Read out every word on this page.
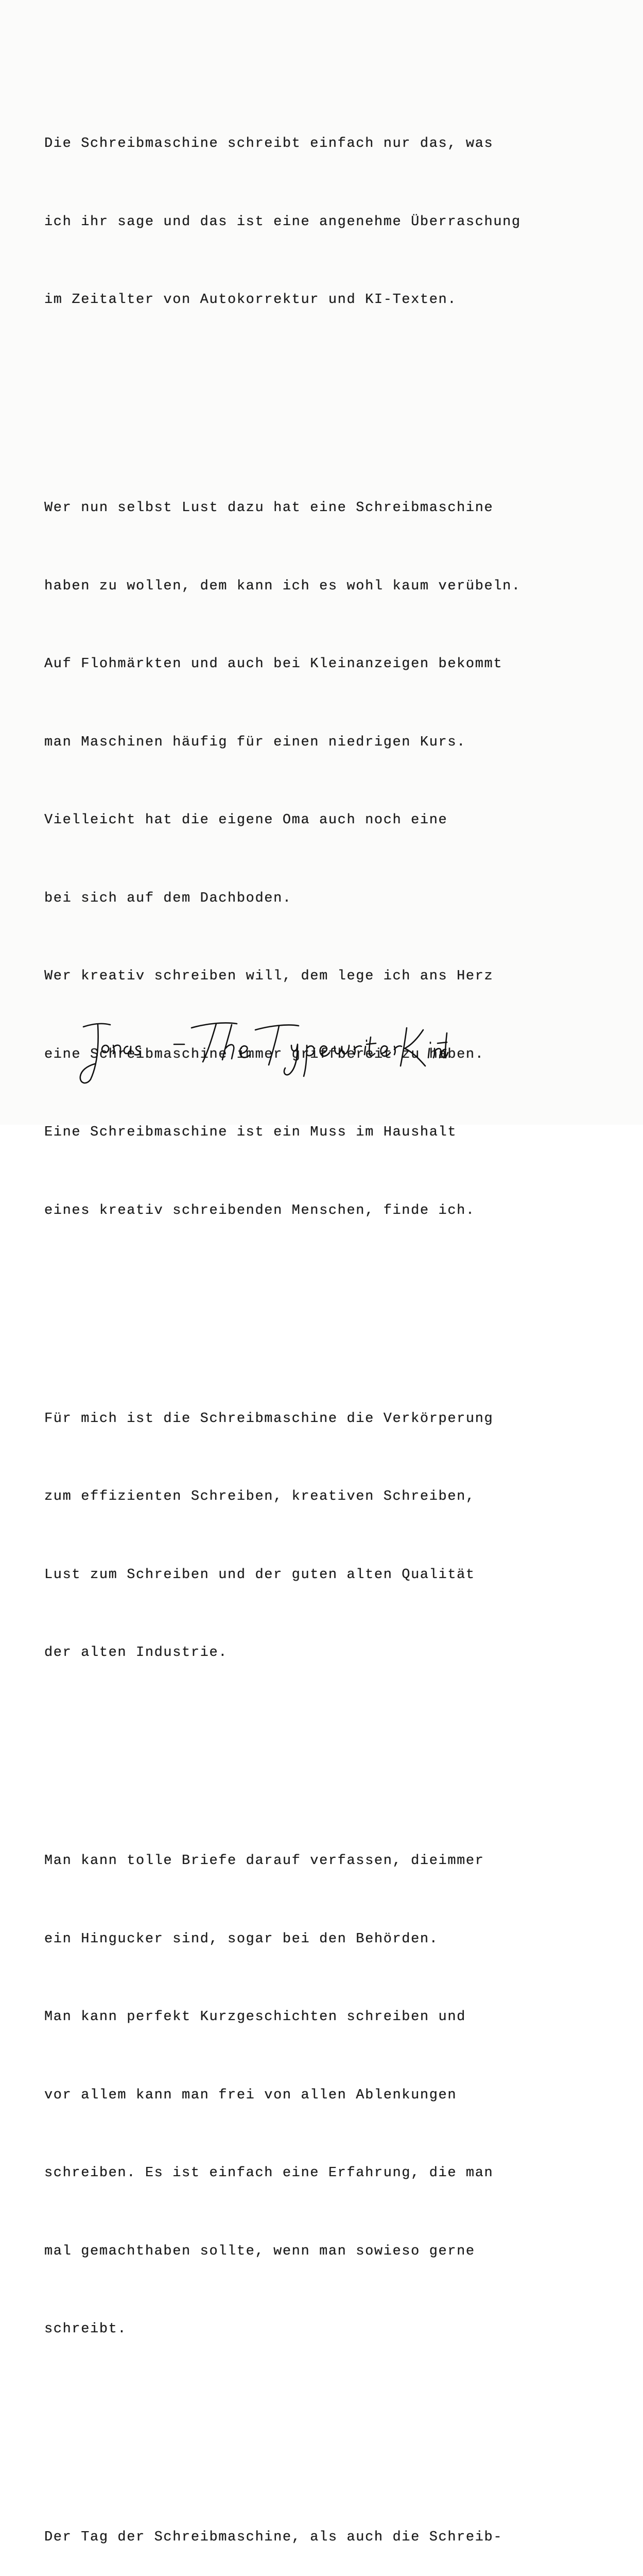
Die Schreibmaschine schreibt einfach nur das, was

ich ihr sage und das ist eine angenehme Überraschung

im Zeitalter von Autokorrektur und KI-Texten.

Wer nun selbst Lust dazu hat eine Schreibmaschine

haben zu wollen, dem kann ich es wohl kaum verübeln.

Auf Flohmärkten und auch bei Kleinanzeigen bekommt

man Maschinen häufig für einen niedrigen Kurs.

Vielleicht hat die eigene Oma auch noch eine

bei sich auf dem Dachboden.

Wer kreativ schreiben will, dem lege ich ans Herz

eine Schreibmaschine immer griffbereit zu haben.

Eine Schreibmaschine ist ein Muss im Haushalt

eines kreativ schreibenden Menschen, finde ich.

Für mich ist die Schreibmaschine die Verkörperung

zum effizienten Schreiben, kreativen Schreiben,

Lust zum Schreiben und der guten alten Qualität

der alten Industrie.

Man kann tolle Briefe darauf verfassen, dieimmer

ein Hingucker sind, sogar bei den Behörden.

Man kann perfekt Kurzgeschichten schreiben und

vor allem kann man frei von allen Ablenkungen

schreiben. Es ist einfach eine Erfahrung, die man

mal gemachthaben sollte, wenn man sowieso gerne

schreibt.

Der Tag der Schreibmaschine, als auch die Schreib-
